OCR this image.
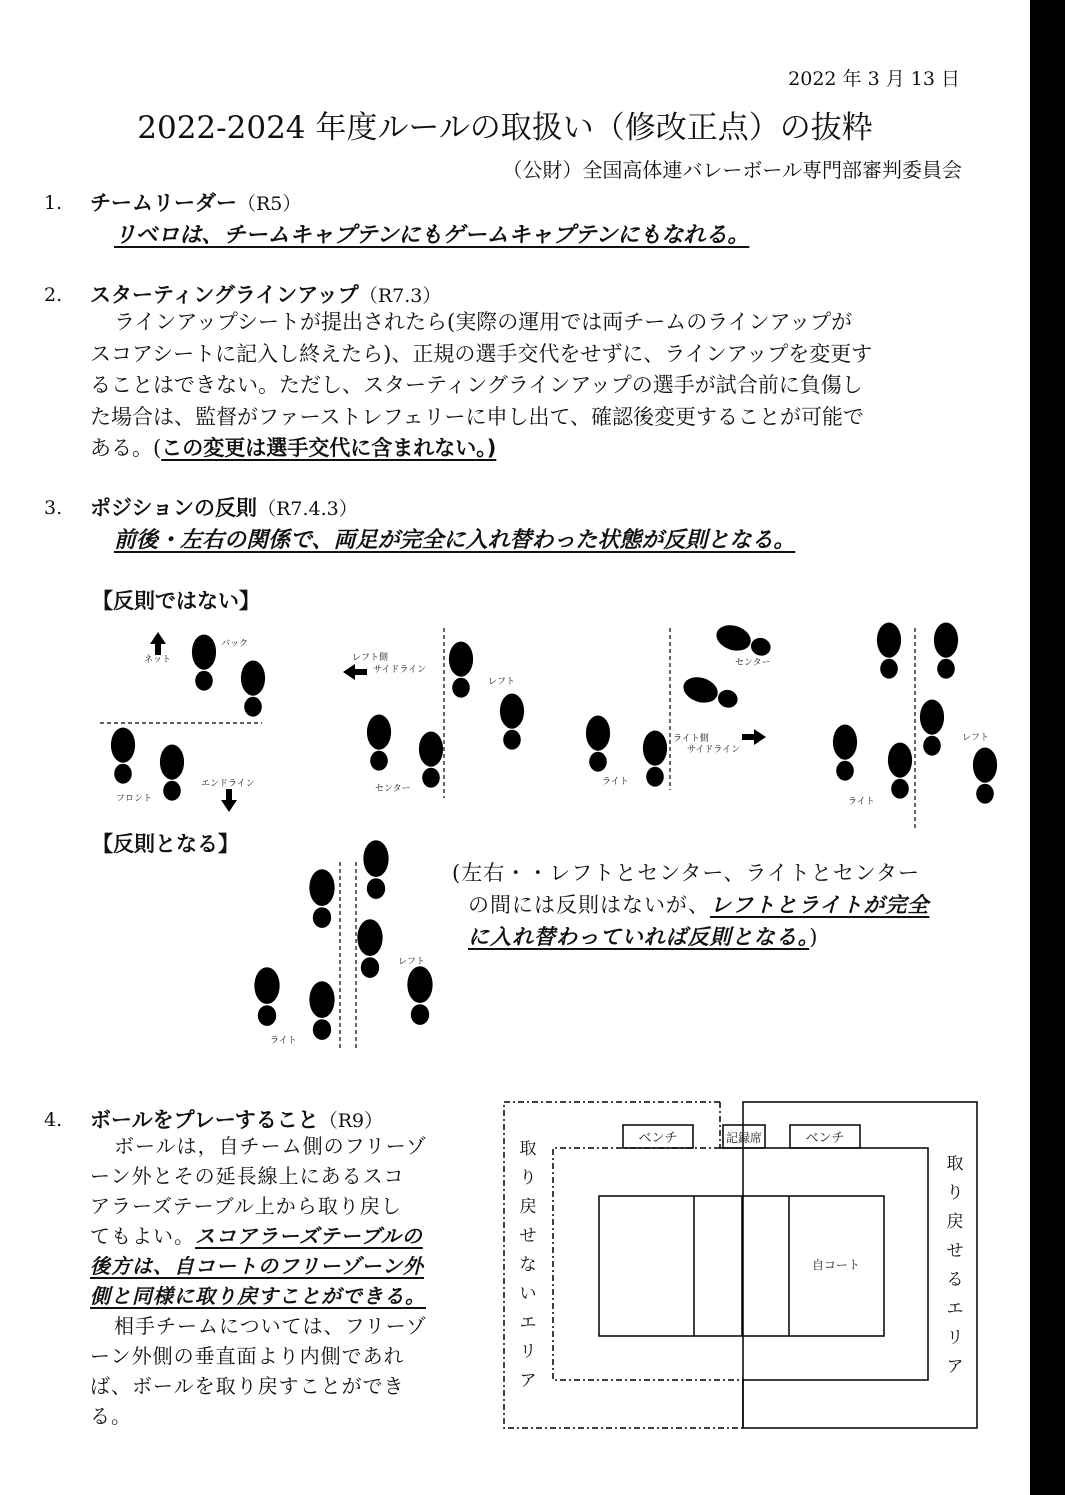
2022 年 3 月 13 日
2022-2024 年度ルールの取扱い（修改正点）の抜粋
（公財）全国高体連バレーボール専門部審判委員会
1. チームリーダー（R5）
リベロは、チームキャプテンにもゲームキャプテンにもなれる。
2. スターティングラインアップ（R7.3）
ラインアップシートが提出されたら(実際の運用では両チームのラインアップが
スコアシートに記入し終えたら)、正規の選手交代をせずに、ラインアップを変更す
ることはできない。ただし、スターティングラインアップの選手が試合前に負傷し
た場合は、監督がファーストレフェリーに申し出て、確認後変更することが可能で
ある。(この変更は選手交代に含まれない。)
3. ポジションの反則（R7.4.3）
前後・左右の関係で、両足が完全に入れ替わった状態が反則となる。
【反則ではない】
【反則となる】
ネット
バック
フロント
エンドライン
レフト側
サイドライン
レフト
センター
センター
ライト側
サイドライン
ライト
レフト
ライト
レフト
ライト
(左右・・レフトとセンター、ライトとセンター
の間には反則はないが、レフトとライトが完全
に入れ替わっていれば反則となる。)
4. ボールをプレーすること（R9）
ボールは，自チーム側のフリーゾ
ーン外とその延長線上にあるスコ
アラーズテーブル上から取り戻し
てもよい。スコアラーズテーブルの
後方は、自コートのフリーゾーン外
側と同様に取り戻すことができる。
相手チームについては、フリーゾ
ーン外側の垂直面より内側であれ
ば、ボールを取り戻すことができ
る。
ベンチ	記録席	ベンチ
自コート
取
り
戻
せ
な
い
エ
リ
ア
取
り
戻
せ
る
エ
リ
ア
